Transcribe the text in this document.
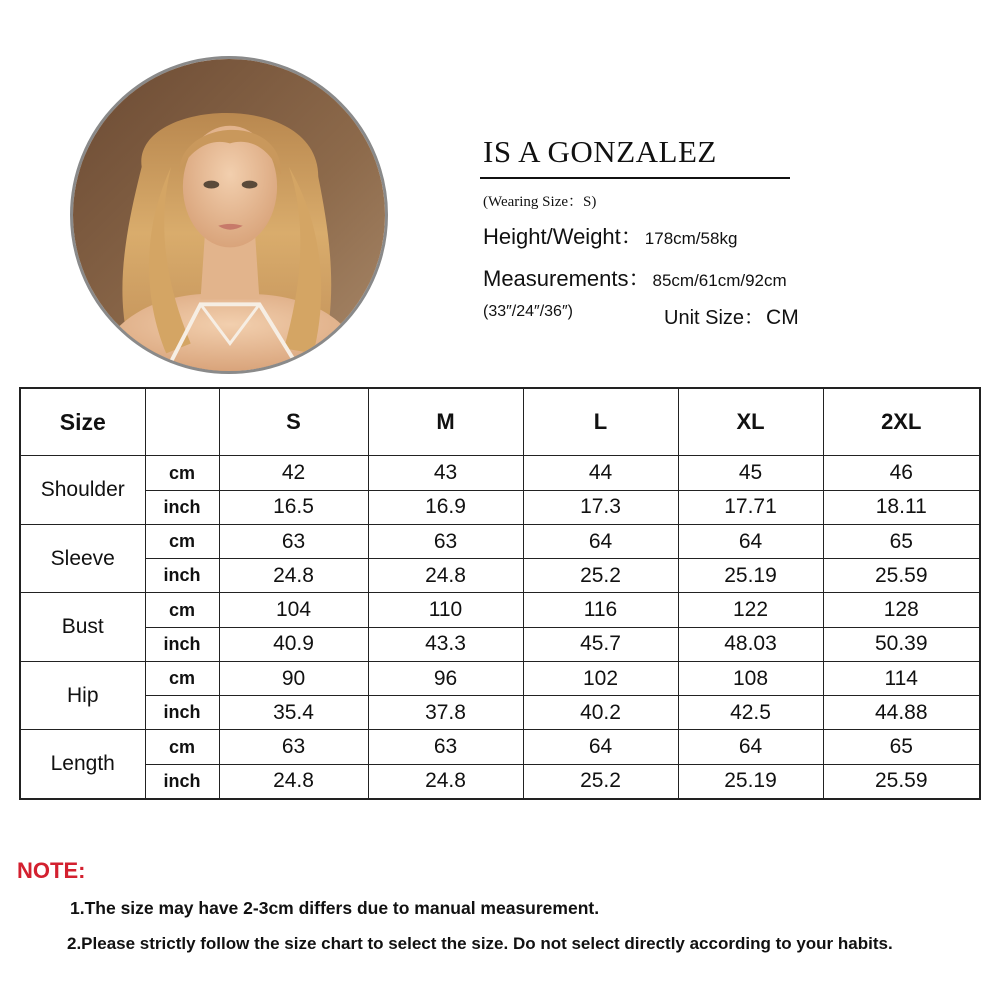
IS A GONZALEZ
(Wearing Size：S)
Height/Weight： 178cm/58kg
Measurements： 85cm/61cm/92cm
(33″/24″/36″)	Unit Size：CM
Size		S	M	L	XL	2XL
Shoulder	cm	42	43	44	45	46
	inch	16.5	16.9	17.3	17.71	18.11
Sleeve	cm	63	63	64	64	65
	inch	24.8	24.8	25.2	25.19	25.59
Bust	cm	104	110	116	122	128
	inch	40.9	43.3	45.7	48.03	50.39
Hip	cm	90	96	102	108	114
	inch	35.4	37.8	40.2	42.5	44.88
Length	cm	63	63	64	64	65
	inch	24.8	24.8	25.2	25.19	25.59
NOTE:
1.The size may have 2-3cm differs due to manual measurement.
2.Please strictly follow the size chart to select the size. Do not select directly according to your habits.
